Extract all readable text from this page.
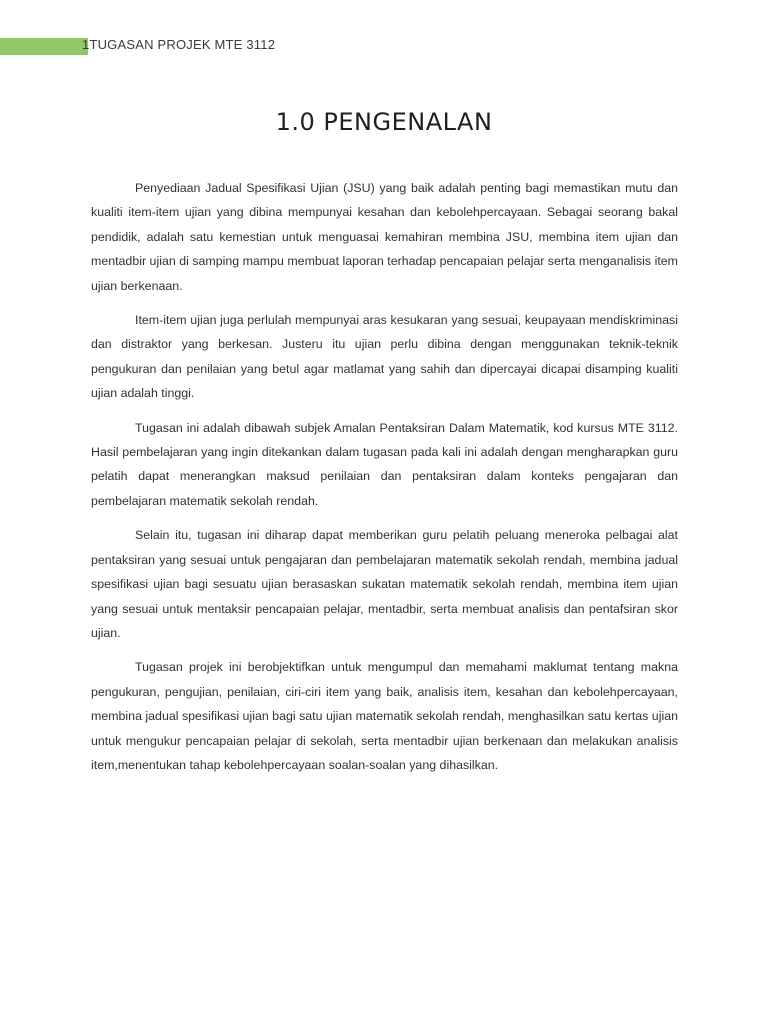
1TUGASAN PROJEK MTE 3112
1.0 PENGENALAN

Penyediaan Jadual Spesifikasi Ujian (JSU) yang baik adalah penting bagi memastikan mutu dan kualiti item-item ujian yang dibina mempunyai kesahan dan kebolehpercayaan. Sebagai seorang bakal pendidik, adalah satu kemestian untuk menguasai kemahiran membina JSU, membina item ujian dan mentadbir ujian di samping mampu membuat laporan terhadap pencapaian pelajar serta menganalisis item ujian berkenaan.

Item-item ujian juga perlulah mempunyai aras kesukaran yang sesuai, keupayaan mendiskriminasi dan distraktor yang berkesan. Justeru itu ujian perlu dibina dengan menggunakan teknik-teknik pengukuran dan penilaian yang betul agar matlamat yang sahih dan dipercayai dicapai disamping kualiti ujian adalah tinggi.

Tugasan ini adalah dibawah subjek Amalan Pentaksiran Dalam Matematik, kod kursus MTE 3112. Hasil pembelajaran yang ingin ditekankan dalam tugasan pada kali ini adalah dengan mengharapkan guru pelatih dapat menerangkan maksud penilaian dan pentaksiran dalam konteks pengajaran dan pembelajaran matematik sekolah rendah.

Selain itu, tugasan ini diharap dapat memberikan guru pelatih peluang meneroka pelbagai alat pentaksiran yang sesuai untuk pengajaran dan pembelajaran matematik sekolah rendah, membina jadual spesifikasi ujian bagi sesuatu ujian berasaskan sukatan matematik sekolah rendah, membina item ujian yang sesuai untuk mentaksir pencapaian pelajar, mentadbir, serta membuat analisis dan pentafsiran skor ujian.

Tugasan projek ini berobjektifkan untuk mengumpul dan memahami maklumat tentang makna pengukuran, pengujian, penilaian, ciri-ciri item yang baik, analisis item, kesahan dan kebolehpercayaan, membina jadual spesifikasi ujian bagi satu ujian matematik sekolah rendah, menghasilkan satu kertas ujian untuk mengukur pencapaian pelajar di sekolah, serta mentadbir ujian berkenaan dan melakukan analisis item,menentukan tahap kebolehpercayaan soalan-soalan yang dihasilkan.
